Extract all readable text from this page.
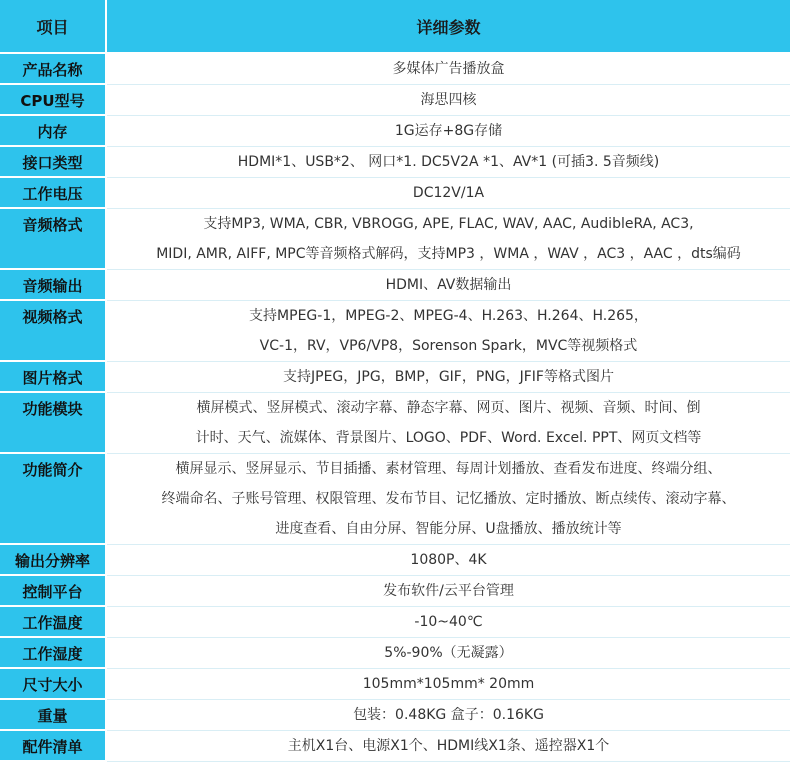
项目	详细参数
产品名称	多媒体广告播放盒

CPU型号	海思四核

内存	1G运存+8G存储

接口类型	HDMI*1、USB*2、 网口*1. DC5V2A *1、AV*1 (可插3. 5音频线)

工作电压	DC12V/1A

音频格式	支持MP3, WMA, CBR, VBROGG, APE, FLAC, WAV, AAC, AudibleRA, AC3,
MIDI, AMR, AIFF, MPC等音频格式解码，支持MP3 ，WMA ，WAV ，AC3 ，AAC ，dts编码

音频输出	HDMI、AV数据输出

视频格式	支持MPEG-1，MPEG-2、MPEG-4、H.263、H.264、H.265，
VC-1，RV，VP6/VP8，Sorenson Spark，MVC等视频格式

图片格式	支持JPEG，JPG，BMP，GIF，PNG，JFIF等格式图片

功能模块	横屏模式、竖屏模式、滚动字幕、静态字幕、网页、图片、视频、音频、时间、倒
计时、天气、流媒体、背景图片、LOGO、PDF、Word. Excel. PPT、网页文档等

功能简介	横屏显示、竖屏显示、节目插播、素材管理、每周计划播放、查看发布进度、终端分组、
终端命名、子账号管理、权限管理、发布节目、记忆播放、定时播放、断点续传、滚动字幕、
进度查看、自由分屏、智能分屏、U盘播放、播放统计等

输出分辨率	1080P、4K

控制平台	发布软件/云平台管理

工作温度	-10~40℃

工作湿度	5%-90%（无凝露）

尺寸大小	105mm*105mm* 20mm

重量	包装：0.48KG 盒子：0.16KG

配件清单	主机X1台、电源X1个、HDMI线X1条、遥控器X1个
